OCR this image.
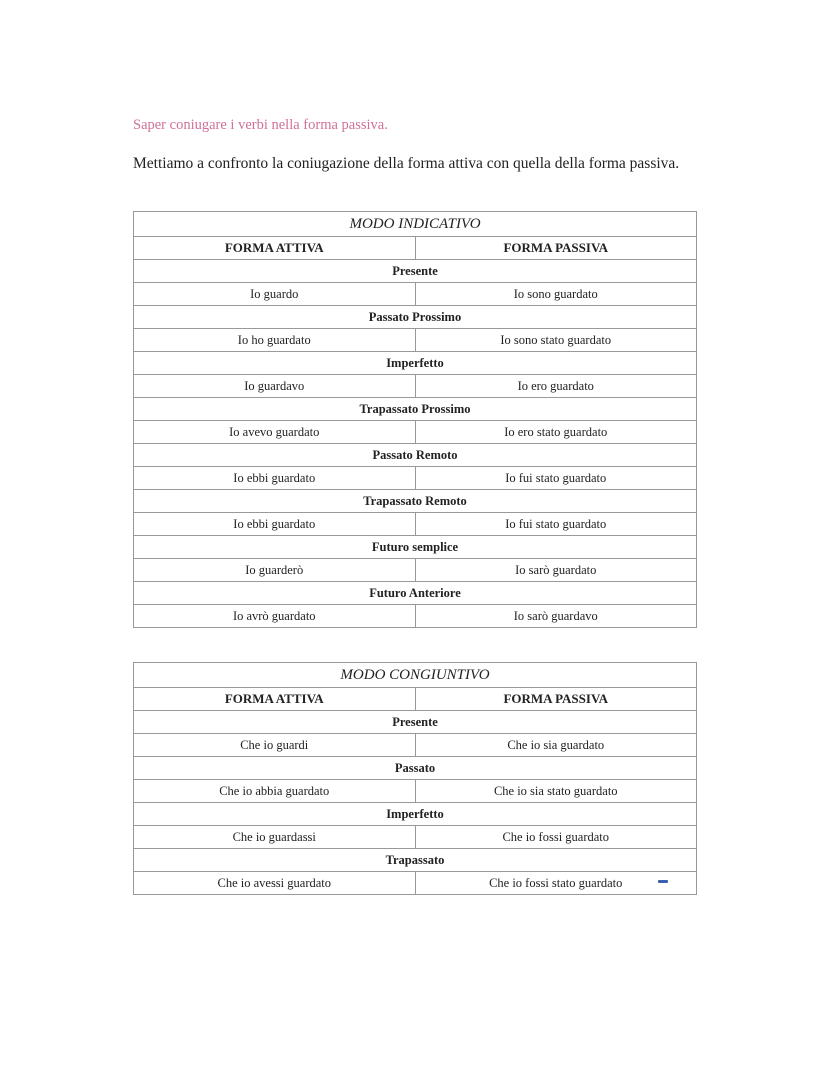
Saper coniugare i verbi nella forma passiva.
Mettiamo a confronto la coniugazione della forma attiva con quella della forma passiva.
MODO INDICATIVO	
FORMA ATTIVA	FORMA PASSIVA
Presente	
Io guardo	Io sono guardato
Passato Prossimo	
Io ho guardato	Io sono stato guardato
Imperfetto	
Io guardavo	Io ero guardato
Trapassato Prossimo	
Io avevo guardato	Io ero stato guardato
Passato Remoto	
Io ebbi guardato	Io fui stato guardato
Trapassato Remoto	
Io ebbi guardato	Io fui stato guardato
Futuro semplice	
Io guarderò	Io sarò guardato
Futuro Anteriore	
Io avrò guardato	Io sarò guardavo
MODO CONGIUNTIVO	
FORMA ATTIVA	FORMA PASSIVA
Presente	
Che io guardi	Che io sia guardato
Passato	
Che io abbia guardato	Che io sia stato guardato
Imperfetto	
Che io guardassi	Che io fossi guardato
Trapassato	
Che io avessi guardato	Che io fossi stato guardato
